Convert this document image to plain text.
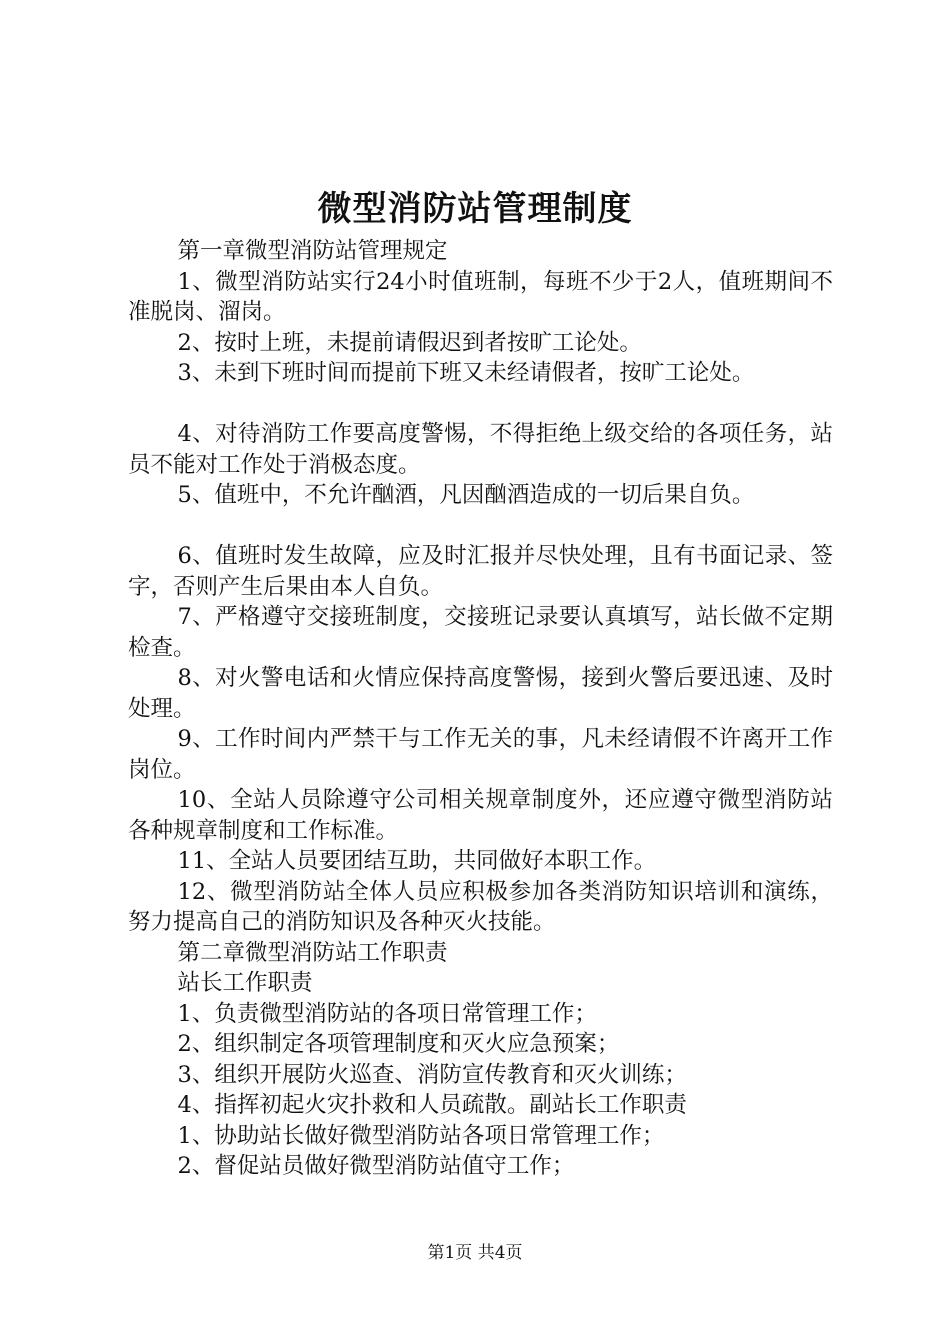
微型消防站管理制度

第一章微型消防站管理规定

1、微型消防站实行24小时值班制，每班不少于2人，值班期间不准脱岗、溜岗。

2、按时上班，未提前请假迟到者按旷工论处。

3、未到下班时间而提前下班又未经请假者，按旷工论处。

4、对待消防工作要高度警惕，不得拒绝上级交给的各项任务，站员不能对工作处于消极态度。

5、值班中，不允许酗酒，凡因酗酒造成的一切后果自负。

6、值班时发生故障，应及时汇报并尽快处理，且有书面记录、签字，否则产生后果由本人自负。

7、严格遵守交接班制度，交接班记录要认真填写，站长做不定期检查。

8、对火警电话和火情应保持高度警惕，接到火警后要迅速、及时处理。

9、工作时间内严禁干与工作无关的事，凡未经请假不许离开工作岗位。

10、全站人员除遵守公司相关规章制度外，还应遵守微型消防站各种规章制度和工作标准。

11、全站人员要团结互助，共同做好本职工作。

12、微型消防站全体人员应积极参加各类消防知识培训和演练，努力提高自己的消防知识及各种灭火技能。

第二章微型消防站工作职责

站长工作职责

1、负责微型消防站的各项日常管理工作；

2、组织制定各项管理制度和灭火应急预案；

3、组织开展防火巡查、消防宣传教育和灭火训练；

4、指挥初起火灾扑救和人员疏散。副站长工作职责

1、协助站长做好微型消防站各项日常管理工作；

2、督促站员做好微型消防站值守工作；

第1页 共4页
